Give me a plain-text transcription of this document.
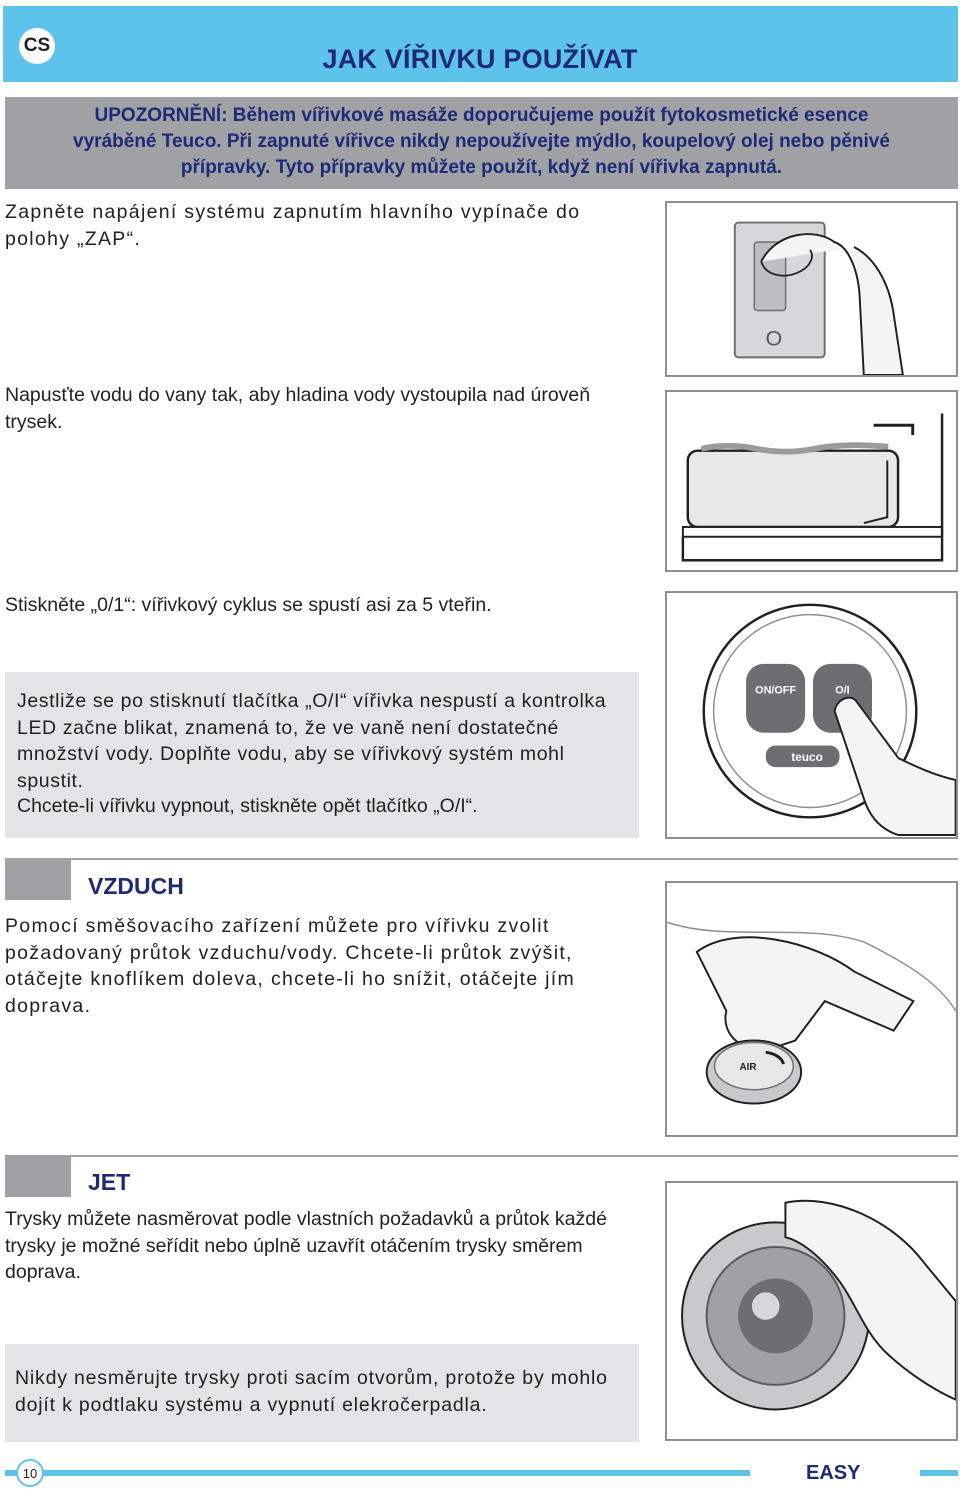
CS	JAK VÍŘIVKU POUŽÍVAT
UPOZORNĚNÍ: Během vířivkové masáže doporučujeme použít fytokosmetické esence
vyráběné Teuco. Při zapnuté vířivce nikdy nepoužívejte mýdlo, koupelový olej nebo pěnivé
přípravky. Tyto přípravky můžete použít, když není vířivka zapnutá.
Zapněte napájení systému zapnutím hlavního vypínače do polohy „ZAP“.
O
Napusťte vodu do vany tak, aby hladina vody vystoupila nad úroveň trysek.
Stiskněte „0/1“: vířivkový cyklus se spustí asi za 5 vteřin.
Jestliže se po stisknutí tlačítka „O/I“ vířivka nespustí a kontrolka LED začne blikat, znamená to, že ve vaně není dostatečné množství vody. Doplňte vodu, aby se vířivkový systém mohl spustit.
Chcete-li vířivku vypnout, stiskněte opět tlačítko „O/I“.
ON/OFF	O/I
teuco
VZDUCH
Pomocí směšovacího zařízení můžete pro vířivku zvolit požadovaný průtok vzduchu/vody. Chcete-li průtok zvýšit, otáčejte knoflíkem doleva, chcete-li ho snížit, otáčejte jím doprava.
AIR
JET
Trysky můžete nasměrovat podle vlastních požadavků a průtok každé trysky je možné seřídit nebo úplně uzavřít otáčením trysky směrem doprava.
Nikdy nesměrujte trysky proti sacím otvorům, protože by mohlo dojít k podtlaku systému a vypnutí elekročerpadla.
10	EASY
